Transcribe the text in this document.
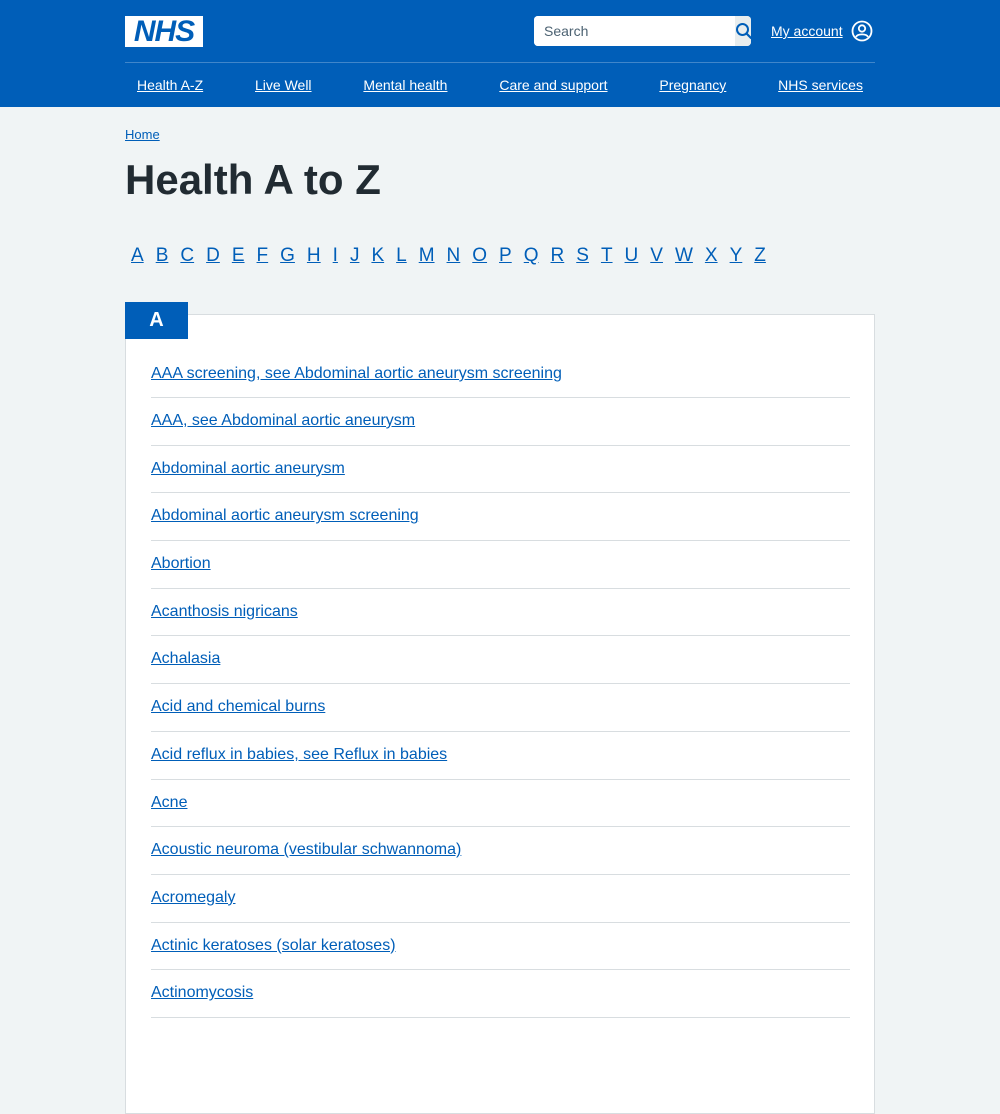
NHS
Search	My account
Health A-Z	Live Well	Mental health	Care and support	Pregnancy	NHS services
Home
Health A to Z
A B C D E F G H I J K L M N O P Q R S T U V W X Y Z
A
AAA screening, see Abdominal aortic aneurysm screening
AAA, see Abdominal aortic aneurysm
Abdominal aortic aneurysm
Abdominal aortic aneurysm screening
Abortion
Acanthosis nigricans
Achalasia
Acid and chemical burns
Acid reflux in babies, see Reflux in babies
Acne
Acoustic neuroma (vestibular schwannoma)
Acromegaly
Actinic keratoses (solar keratoses)
Actinomycosis
